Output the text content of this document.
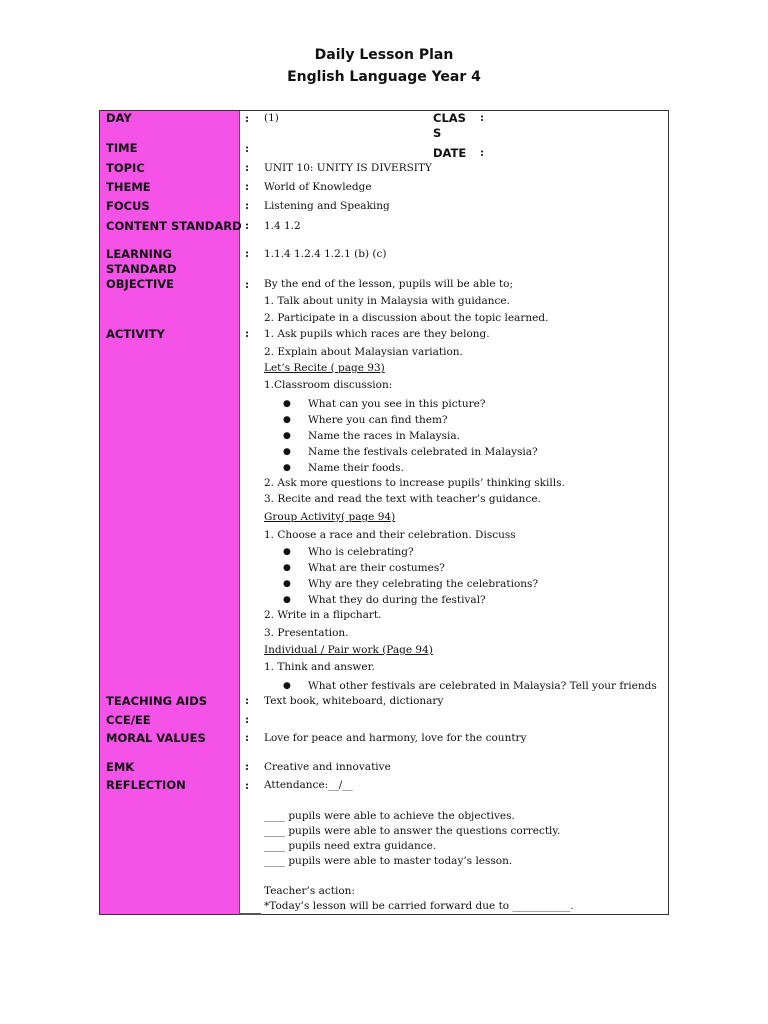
Daily Lesson Plan
English Language Year 4
DAY
TIME
TOPIC
THEME
FOCUS
CONTENT STANDARD
LEARNING
STANDARD
OBJECTIVE
ACTIVITY
TEACHING AIDS
CCE/EE
MORAL VALUES
EMK
REFLECTION
:
:
:
:
:
:
:
:
:
:
:
:
:
:
CLAS
S
:
DATE :
(1)
UNIT 10: UNITY IS DIVERSITY
World of Knowledge
Listening and Speaking
1.4 1.2
1.1.4 1.2.4 1.2.1 (b) (c)
By the end of the lesson, pupils will be able to;
1. Talk about unity in Malaysia with guidance.
2. Participate in a discussion about the topic learned.
1. Ask pupils which races are they belong.
2. Explain about Malaysian variation.
Let’s Recite ( page 93)
1.Classroom discussion:
● What can you see in this picture?
● Where you can find them?
● Name the races in Malaysia.
● Name the festivals celebrated in Malaysia?
● Name their foods.
2. Ask more questions to increase pupils’ thinking skills.
3. Recite and read the text with teacher’s guidance.
Group Activity( page 94)
1. Choose a race and their celebration. Discuss
● Who is celebrating?
● What are their costumes?
● Why are they celebrating the celebrations?
● What they do during the festival?
2. Write in a flipchart.
3. Presentation.
Individual / Pair work (Page 94)
1. Think and answer.
● What other festivals are celebrated in Malaysia? Tell your friends
Text book, whiteboard, dictionary
Love for peace and harmony, love for the country
Creative and innovative
Attendance:__/__
____ pupils were able to achieve the objectives.
____ pupils were able to answer the questions correctly.
____ pupils need extra guidance.
____ pupils were able to master today’s lesson.
Teacher’s action:
*Today’s lesson will be carried forward due to ___________.
